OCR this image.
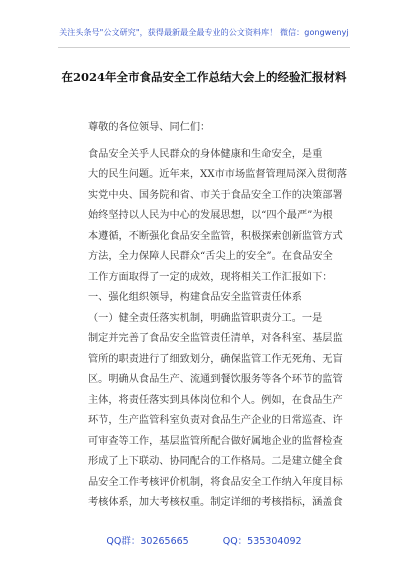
关注头条号"公文研究"，获得最新最全最专业的公文资料库！ 微信：gongwenyj
在2024年全市食品安全工作总结大会上的经验汇报材料
尊敬的各位领导、同仁们：
食品安全关乎人民群众的身体健康和生命安全，是重
大的民生问题。近年来，XX市市场监督管理局深入贯彻落
实党中央、国务院和省、市关于食品安全工作的决策部署
始终坚持以人民为中心的发展思想，以“四个最严”为根
本遵循，不断强化食品安全监管，积极探索创新监管方式
方法，全力保障人民群众“舌尖上的安全”。在食品安全
工作方面取得了一定的成效，现将相关工作汇报如下：
一、强化组织领导，构建食品安全监管责任体系
（一）健全责任落实机制，明确监管职责分工。一是
制定并完善了食品安全监管责任清单，对各科室、基层监
管所的职责进行了细致划分，确保监管工作无死角、无盲
区。明确从食品生产、流通到餐饮服务等各个环节的监管
主体，将责任落实到具体岗位和个人。例如，在食品生产
环节，生产监管科室负责对食品生产企业的日常巡查、许
可审查等工作，基层监管所配合做好属地企业的监督检查
形成了上下联动、协同配合的工作格局。二是建立健全食
品安全工作考核评价机制，将食品安全工作纳入年度目标
考核体系，加大考核权重。制定详细的考核指标，涵盖食
QQ群：30265665	QQ：535304092
